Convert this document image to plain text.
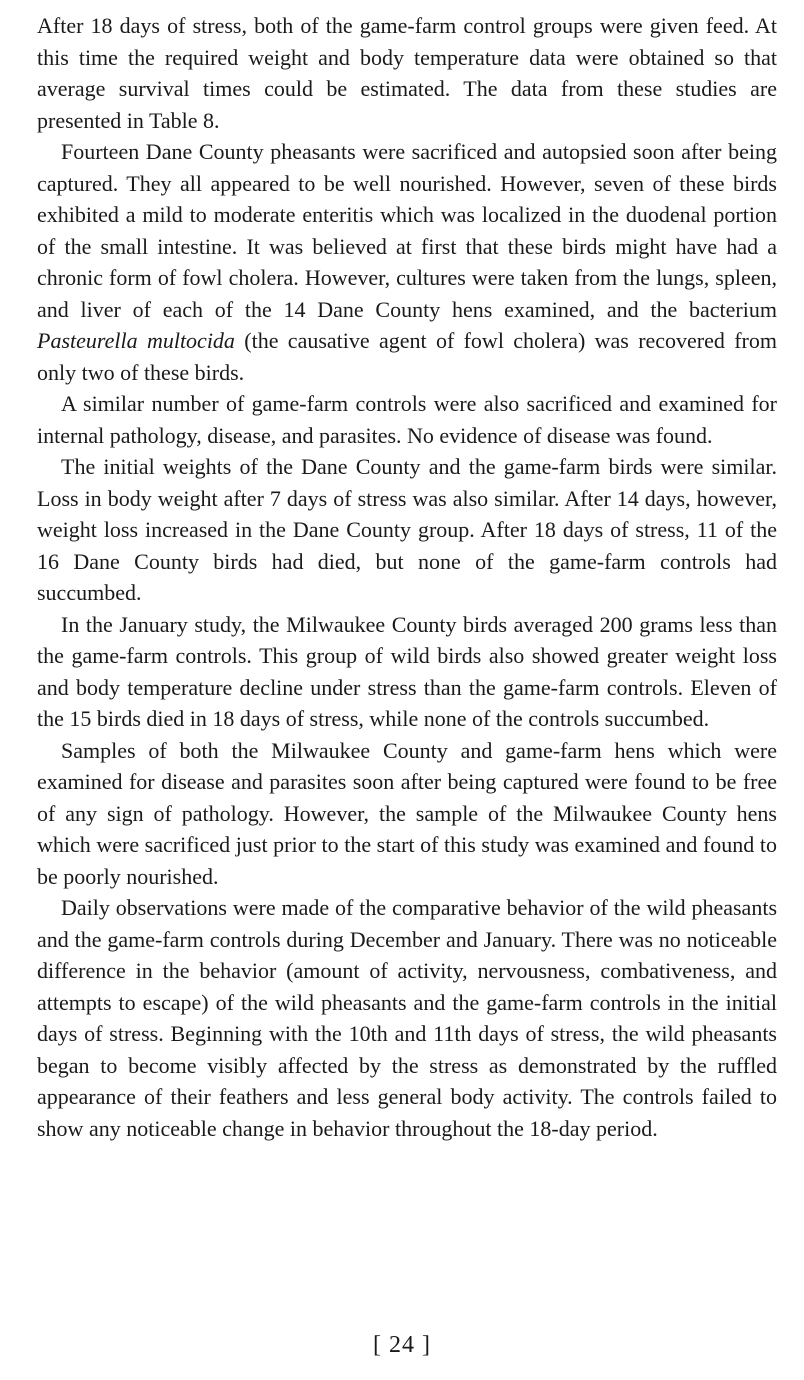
After 18 days of stress, both of the game-farm control groups were given feed. At this time the required weight and body temperature data were obtained so that average survival times could be estimated. The data from these studies are presented in Table 8.

Fourteen Dane County pheasants were sacrificed and autopsied soon after being captured. They all appeared to be well nourished. However, seven of these birds exhibited a mild to moderate enteritis which was localized in the duodenal portion of the small intestine. It was believed at first that these birds might have had a chronic form of fowl cholera. However, cultures were taken from the lungs, spleen, and liver of each of the 14 Dane County hens examined, and the bacterium Pasteurella multocida (the causative agent of fowl cholera) was recovered from only two of these birds.

A similar number of game-farm controls were also sacrificed and examined for internal pathology, disease, and parasites. No evidence of disease was found.

The initial weights of the Dane County and the game-farm birds were similar. Loss in body weight after 7 days of stress was also similar. After 14 days, however, weight loss increased in the Dane County group. After 18 days of stress, 11 of the 16 Dane County birds had died, but none of the game-farm controls had succumbed.

In the January study, the Milwaukee County birds averaged 200 grams less than the game-farm controls. This group of wild birds also showed greater weight loss and body temperature decline under stress than the game-farm controls. Eleven of the 15 birds died in 18 days of stress, while none of the controls succumbed.

Samples of both the Milwaukee County and game-farm hens which were examined for disease and parasites soon after being captured were found to be free of any sign of pathology. However, the sample of the Milwaukee County hens which were sacrificed just prior to the start of this study was examined and found to be poorly nourished.

Daily observations were made of the comparative behavior of the wild pheasants and the game-farm controls during December and January. There was no noticeable difference in the behavior (amount of activity, nervousness, combativeness, and attempts to escape) of the wild pheasants and the game-farm controls in the initial days of stress. Beginning with the 10th and 11th days of stress, the wild pheasants began to become visibly affected by the stress as demonstrated by the ruffled appearance of their feathers and less general body activity. The controls failed to show any noticeable change in behavior throughout the 18-day period.

[ 24 ]
